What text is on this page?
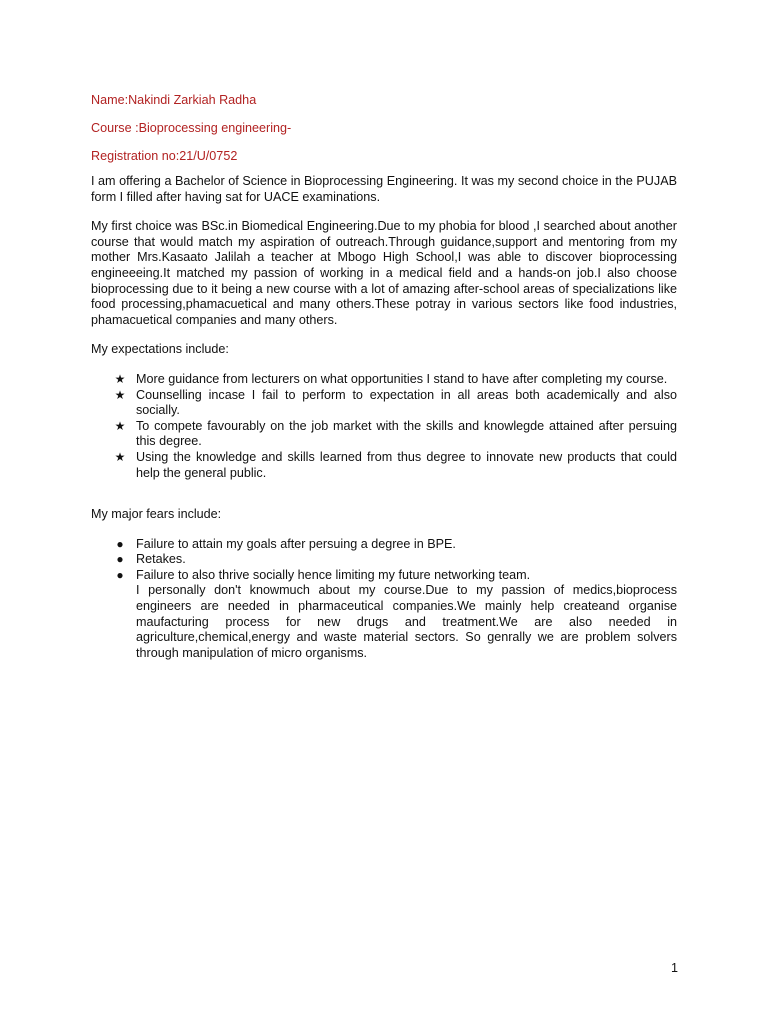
Name:Nakindi Zarkiah Radha
Course :Bioprocessing engineering-
Registration no:21/U/0752

I am offering a Bachelor of Science in Bioprocessing Engineering. It was my second choice in the PUJAB form I filled after having sat for UACE examinations.

My first choice was BSc.in Biomedical Engineering.Due to my phobia for blood ,I searched about another course that would match my aspiration of outreach.Through guidance,support and mentoring from my mother Mrs.Kasaato Jalilah a teacher at Mbogo High School,I was able to discover bioprocessing engineeeing.It matched my passion of working in a medical field and a hands-on job.I also choose bioprocessing due to it being a new course with a lot of amazing after-school areas of specializations like food processing,phamacuetical and many others.These potray in various sectors like food industries, phamacuetical companies and many others.

My expectations include:

★ More guidance from lecturers on what opportunities I stand to have after completing my course.
★ Counselling incase I fail to perform to expectation in all areas both academically and also socially.
★ To compete favourably on the job market with the skills and knowlegde attained after persuing this degree.
★ Using the knowledge and skills learned from thus degree to innovate new products that could help the general public.

My major fears include:

● Failure to attain my goals after persuing a degree in BPE.
● Retakes.
● Failure to also thrive socially hence limiting my future networking team.
I personally don't knowmuch about my course.Due to my passion of medics,bioprocess engineers are needed in pharmaceutical companies.We mainly help createand organise maufacturing process for new drugs and treatment.We are also needed in agriculture,chemical,energy and waste material sectors. So genrally we are problem solvers through manipulation of micro organisms.
1
